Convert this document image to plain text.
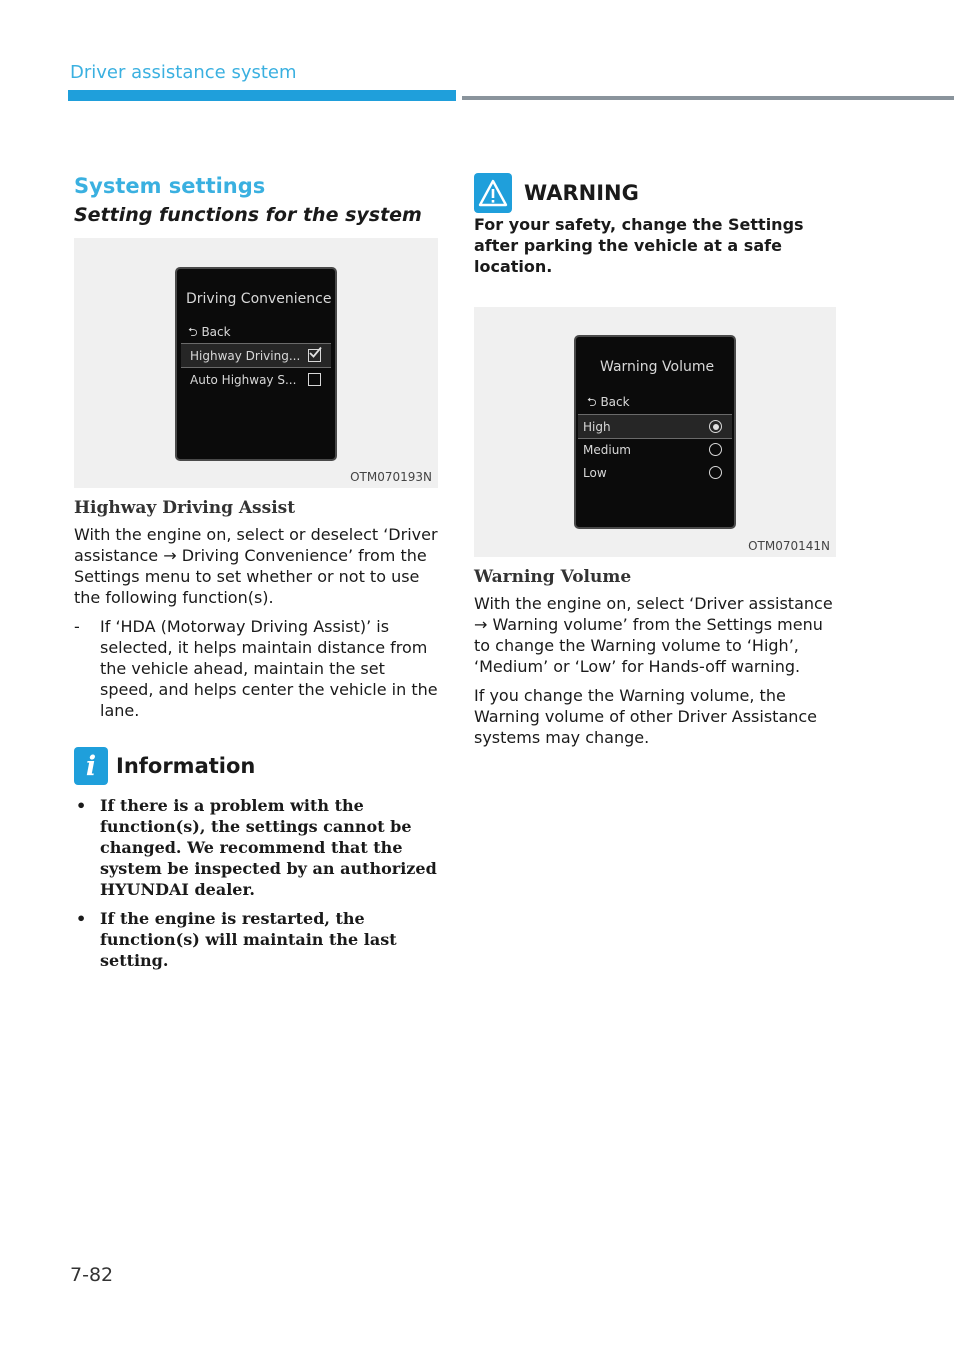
Driver assistance system
System settings
Setting functions for the system
Driving Convenience
⮌ Back
Highway Driving...
Auto Highway S...
OTM070193N
Highway Driving Assist

With the engine on, select or deselect ‘Driver assistance → Driving Convenience’ from the Settings menu to set whether or not to use the following function(s).

- If ‘HDA (Motorway Driving Assist)’ is selected, it helps maintain distance from the vehicle ahead, maintain the set speed, and helps center the vehicle in the lane.
i Information
• If there is a problem with the function(s), the settings cannot be changed. We recommend that the system be inspected by an authorized HYUNDAI dealer.
• If the engine is restarted, the function(s) will maintain the last setting.
WARNING

For your safety, change the Settings after parking the vehicle at a safe location.

Warning Volume
⮌ Back
High
Medium
Low
OTM070141N
Warning Volume

With the engine on, select ‘Driver assistance → Warning volume’ from the Settings menu to change the Warning volume to ‘High’, ‘Medium’ or ‘Low’ for Hands-off warning.

If you change the Warning volume, the Warning volume of other Driver Assistance systems may change.

7-82
